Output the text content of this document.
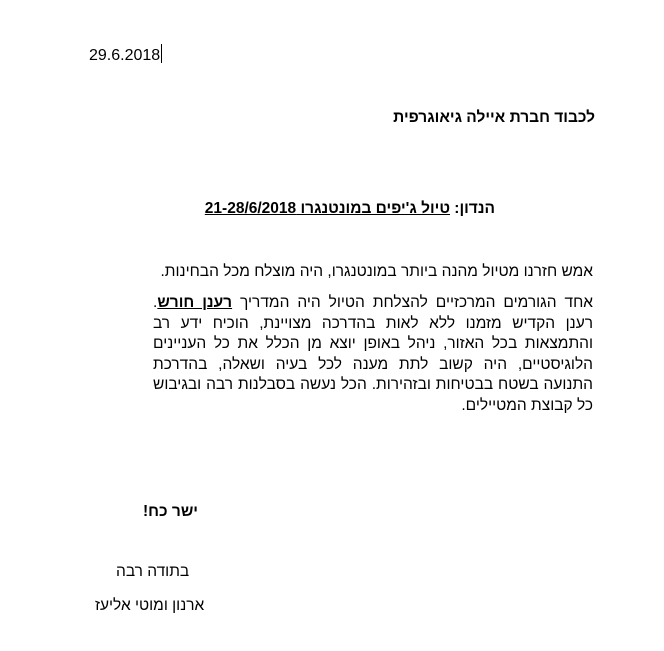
29.6.2018
לכבוד חברת איילה גיאוגרפית
הנדון: טיול ג'יפים במונטנגרו 21-28/6/2018
אמש חזרנו מטיול מהנה ביותר במונטנגרו, היה מוצלח מכל הבחינות.
אחד הגורמים המרכזיים להצלחת הטיול היה המדריך רענן חורש. רענן הקדיש מזמנו ללא לאות בהדרכה מצויינת, הוכיח ידע רב והתמצאות בכל האזור, ניהל באופן יוצא מן הכלל את כל העניינים הלוגיסטיים, היה קשוב לתת מענה לכל בעיה ושאלה, בהדרכת התנועה בשטח בבטיחות ובזהירות. הכל נעשה בסבלנות רבה ובגיבוש כל קבוצת המטיילים.
ישר כח!
בתודה רבה
ארנון ומוטי אליעז
